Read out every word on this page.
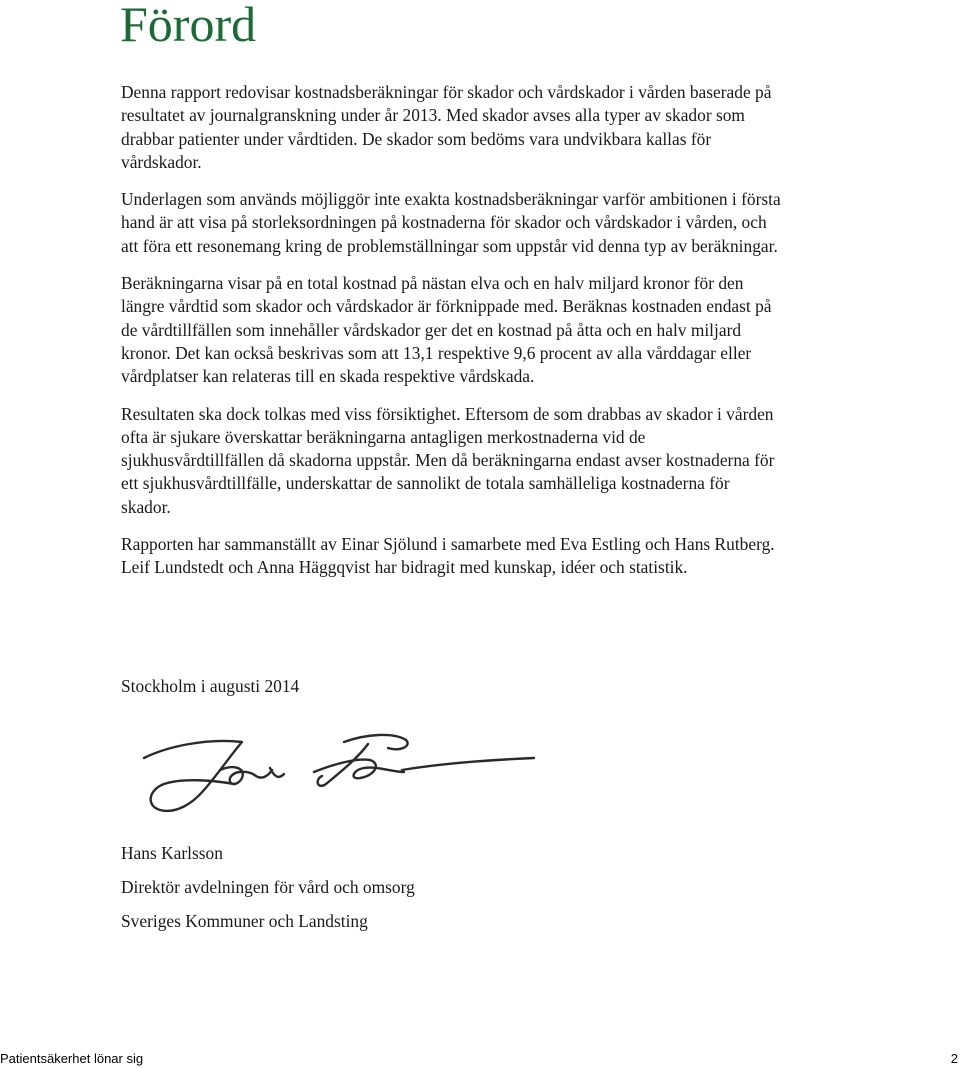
Förord

Denna rapport redovisar kostnadsberäkningar för skador och vårdskador i vården baserade på resultatet av journalgranskning under år 2013. Med skador avses alla typer av skador som drabbar patienter under vårdtiden. De skador som bedöms vara undvikbara kallas för vårdskador.

Underlagen som används möjliggör inte exakta kostnadsberäkningar varför ambitionen i första hand är att visa på storleksordningen på kostnaderna för skador och vårdskador i vården, och att föra ett resonemang kring de problemställningar som uppstår vid denna typ av beräkningar.

Beräkningarna visar på en total kostnad på nästan elva och en halv miljard kronor för den längre vårdtid som skador och vårdskador är förknippade med. Beräknas kostnaden endast på de vårdtillfällen som innehåller vårdskador ger det en kostnad på åtta och en halv miljard kronor. Det kan också beskrivas som att 13,1 respektive 9,6 procent av alla vårddagar eller vårdplatser kan relateras till en skada respektive vårdskada.

Resultaten ska dock tolkas med viss försiktighet. Eftersom de som drabbas av skador i vården ofta är sjukare överskattar beräkningarna antagligen merkostnaderna vid de sjukhusvårdtillfällen då skadorna uppstår. Men då beräkningarna endast avser kostnaderna för ett sjukhusvårdtillfälle, underskattar de sannolikt de totala samhälleliga kostnaderna för skador.

Rapporten har sammanställt av Einar Sjölund i samarbete med Eva Estling och Hans Rutberg. Leif Lundstedt och Anna Häggqvist har bidragit med kunskap, idéer och statistik.

Stockholm i augusti 2014

Hans Karlsson

Direktör avdelningen för vård och omsorg

Sveriges Kommuner och Landsting

Patientsäkerhet lönar sig	2
